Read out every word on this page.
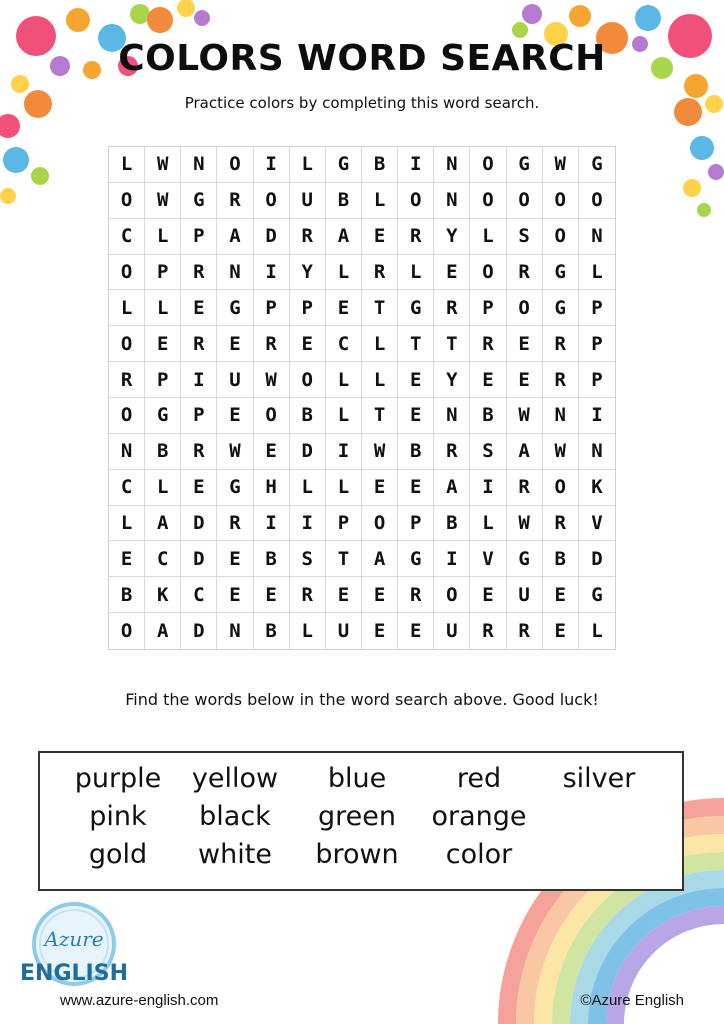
COLORS WORD SEARCH
Practice colors by completing this word search.
L	W	N	O	I	L	G	B	I	N	O	G	W	G
O	W	G	R	O	U	B	L	O	N	O	O	O	O
C	L	P	A	D	R	A	E	R	Y	L	S	O	N
O	P	R	N	I	Y	L	R	L	E	O	R	G	L
L	L	E	G	P	P	E	T	G	R	P	O	G	P
O	E	R	E	R	E	C	L	T	T	R	E	R	P
R	P	I	U	W	O	L	L	E	Y	E	E	R	P
O	G	P	E	O	B	L	T	E	N	B	W	N	I
N	B	R	W	E	D	I	W	B	R	S	A	W	N
C	L	E	G	H	L	L	E	E	A	I	R	O	K
L	A	D	R	I	I	P	O	P	B	L	W	R	V
E	C	D	E	B	S	T	A	G	I	V	G	B	D
B	K	C	E	E	R	E	E	R	O	E	U	E	G
O	A	D	N	B	L	U	E	E	U	R	R	E	L
Find the words below in the word search above. Good luck!
purple	yellow	blue	red	silver
pink	black	green	orange
gold	white	brown	color
Azure
ENGLISH
www.azure-english.com	©Azure English
